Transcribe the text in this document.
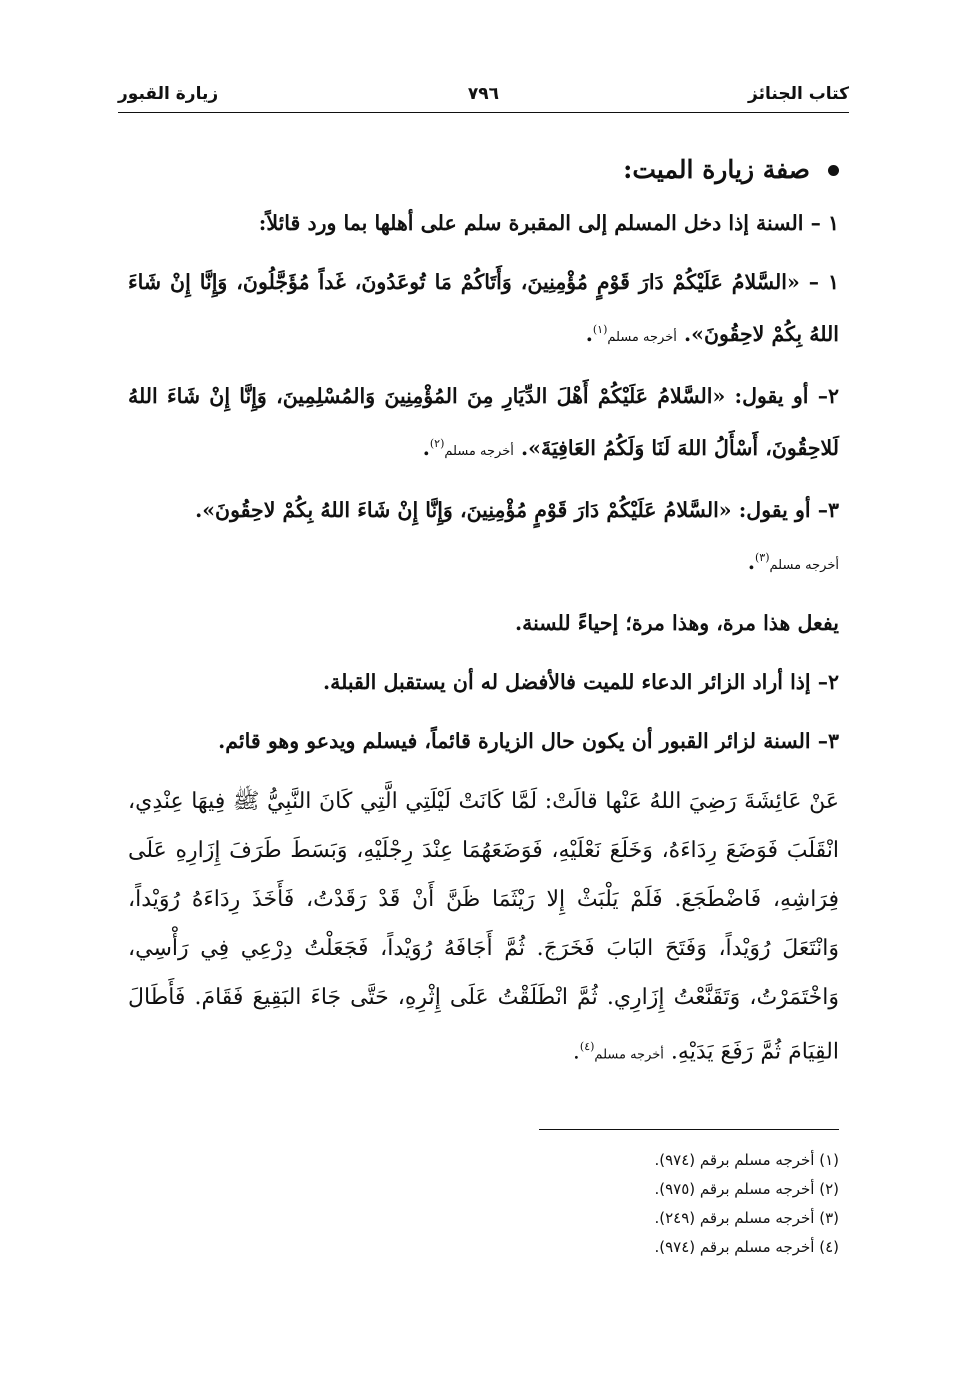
زيارة القبور	٧٩٦	كتاب الجنائز
صفة زيارة الميت:

١ – السنة إذا دخل المسلم إلى المقبرة سلم على أهلها بما ورد قائلاً:

١ – «السَّلامُ عَلَيْكُمْ دَارَ قَوْمٍ مُؤْمِنِينَ، وَأَتَاكُمْ مَا تُوعَدُونَ، غَداً مُؤَجَّلُونَ، وَإِنَّا إِنْ شَاءَ اللهُ بِكُمْ لاحِقُونَ». أخرجه مسلم$^{(١)}$.

٢– أو يقول: «السَّلامُ عَلَيْكُمْ أَهْلَ الدِّيَارِ مِنَ المُؤْمِنِينَ وَالمُسْلِمِينَ، وَإِنَّا إِنْ شَاءَ اللهُ لَلاحِقُونَ، أَسْأَلُ اللهَ لَنَا وَلَكُمُ العَافِيَةَ». أخرجه مسلم$^{(٢)}$.

٣– أو يقول: «السَّلامُ عَلَيْكُمْ دَارَ قَوْمٍ مُؤْمِنِينَ، وَإِنَّا إِنْ شَاءَ اللهُ بِكُمْ لاحِقُونَ».
أخرجه مسلم$^{(٣)}$.

يفعل هذا مرة، وهذا مرة؛ إحياءً للسنة.

٢– إذا أراد الزائر الدعاء للميت فالأفضل له أن يستقبل القبلة.

٣– السنة لزائر القبور أن يكون حال الزيارة قائماً، فيسلم ويدعو وهو قائم.

عَنْ عَائِشَةَ رَضِيَ اللهُ عَنْها قالَتْ: لَمَّا كَانَتْ لَيْلَتِي الَّتِي كَانَ النَّبِيُّ ﷺ فِيهَا عِنْدِي، انْقَلَبَ فَوَضَعَ رِدَاءَهُ، وَخَلَعَ نَعْلَيْهِ، فَوَضَعَهُمَا عِنْدَ رِجْلَيْهِ، وَبَسَطَ طَرَفَ إِزَارِهِ عَلَى فِرَاشِهِ، فَاضْطَجَعَ. فَلَمْ يَلْبَثْ إِلا رَيْثَمَا ظَنَّ أَنْ قَدْ رَقَدْتُ، فَأَخَذَ رِدَاءَهُ رُوَيْداً، وَانْتَعَلَ رُوَيْداً، وَفَتَحَ البَابَ فَخَرَجَ. ثُمَّ أَجَافَهُ رُوَيْداً، فَجَعَلْتُ دِرْعِي فِي رَأْسِي، وَاخْتَمَرْتُ، وَتَقَنَّعْتُ إِزَارِي. ثُمَّ انْطَلَقْتُ عَلَى إِثْرِهِ، حَتَّى جَاءَ البَقِيعَ فَقَامَ. فَأَطَالَ القِيَامَ ثُمَّ رَفَعَ يَدَيْهِ. أخرجه مسلم$^{(٤)}$.

(١) أخرجه مسلم برقم (٩٧٤).
(٢) أخرجه مسلم برقم (٩٧٥).
(٣) أخرجه مسلم برقم (٢٤٩).
(٤) أخرجه مسلم برقم (٩٧٤).
